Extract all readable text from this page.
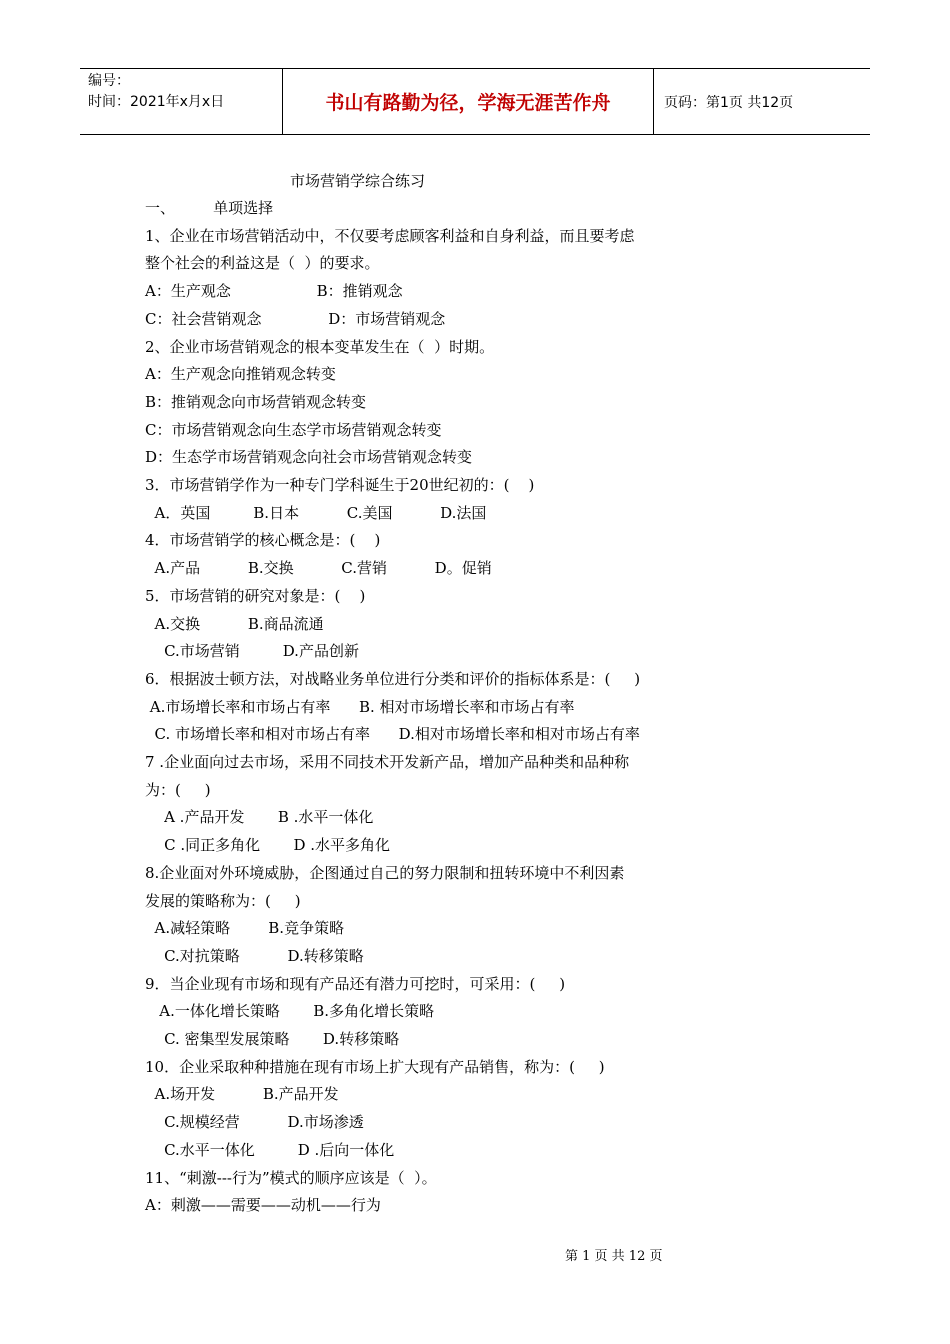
编号：
时间：2021年x月x日	书山有路勤为径，学海无涯苦作舟	页码：第1页 共12页
市场营销学综合练习
一、        单项选择
1、企业在市场营销活动中，不仅要考虑顾客利益和自身利益，而且要考虑
整个社会的利益这是（  ）的要求。
A：生产观念                  B：推销观念
C：社会营销观念              D：市场营销观念
2、企业市场营销观念的根本变革发生在（  ）时期。
A：生产观念向推销观念转变
B：推销观念向市场营销观念转变
C：市场营销观念向生态学市场营销观念转变
D：生态学市场营销观念向社会市场营销观念转变
3．市场营销学作为一种专门学科诞生于20世纪初的：(    )
A．英国         B.日本          C.美国          D.法国
4．市场营销学的核心概念是：(    )
A.产品          B.交换          C.营销          D。促销
5．市场营销的研究对象是：(    )
A.交换          B.商品流通
C.市场营销         D.产品创新
6．根据波士顿方法，对战略业务单位进行分类和评价的指标体系是：(     )
A.市场增长率和市场占有率      B. 相对市场增长率和市场占有率
C. 市场增长率和相对市场占有率      D.相对市场增长率和相对市场占有率
7 .企业面向过去市场，采用不同技术开发新产品，增加产品种类和品种称
为：(     )
A .产品开发       B .水平一体化
C .同正多角化       D .水平多角化
8.企业面对外环境威胁，企图通过自己的努力限制和扭转环境中不利因素
发展的策略称为：(     )
A.减轻策略        B.竞争策略
C.对抗策略          D.转移策略
9．当企业现有市场和现有产品还有潜力可挖时，可采用：(     )
A.一体化增长策略       B.多角化增长策略
C. 密集型发展策略       D.转移策略
10．企业采取种种措施在现有市场上扩大现有产品销售，称为：(     )
A.场开发          B.产品开发
C.规模经营          D.市场渗透
C.水平一体化         D .后向一体化
11、“刺激---行为”模式的顺序应该是（  ）。
A：刺激——需要——动机——行为
第 1 页 共 12 页
